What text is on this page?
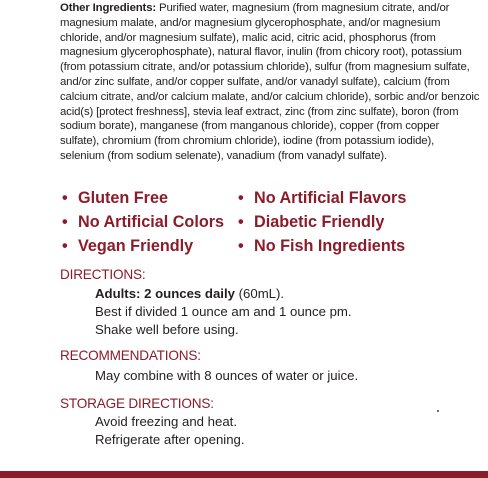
Other Ingredients: Purified water, magnesium (from magnesium citrate, and/or magnesium malate, and/or magnesium glycerophosphate, and/or magnesium chloride, and/or magnesium sulfate), malic acid, citric acid, phosphorus (from magnesium glycerophosphate), natural flavor, inulin (from chicory root), potassium (from potassium citrate, and/or potassium chloride), sulfur (from magnesium sulfate, and/or zinc sulfate, and/or copper sulfate, and/or vanadyl sulfate), calcium (from calcium citrate, and/or calcium malate, and/or calcium chloride), sorbic and/or benzoic acid(s) [protect freshness], stevia leaf extract, zinc (from zinc sulfate), boron (from sodium borate), manganese (from manganous chloride), copper (from copper sulfate), chromium (from chromium chloride), iodine (from potassium iodide), selenium (from sodium selenate), vanadium (from vanadyl sulfate).

• Gluten Free	• No Artificial Flavors
• No Artificial Colors • Diabetic Friendly
• Vegan Friendly	• No Fish Ingredients
DIRECTIONS:

Adults: 2 ounces daily (60mL).

Best if divided 1 ounce am and 1 ounce pm.

Shake well before using.

RECOMMENDATIONS:

May combine with 8 ounces of water or juice.

STORAGE DIRECTIONS:

Avoid freezing and heat.

Refrigerate after opening.
